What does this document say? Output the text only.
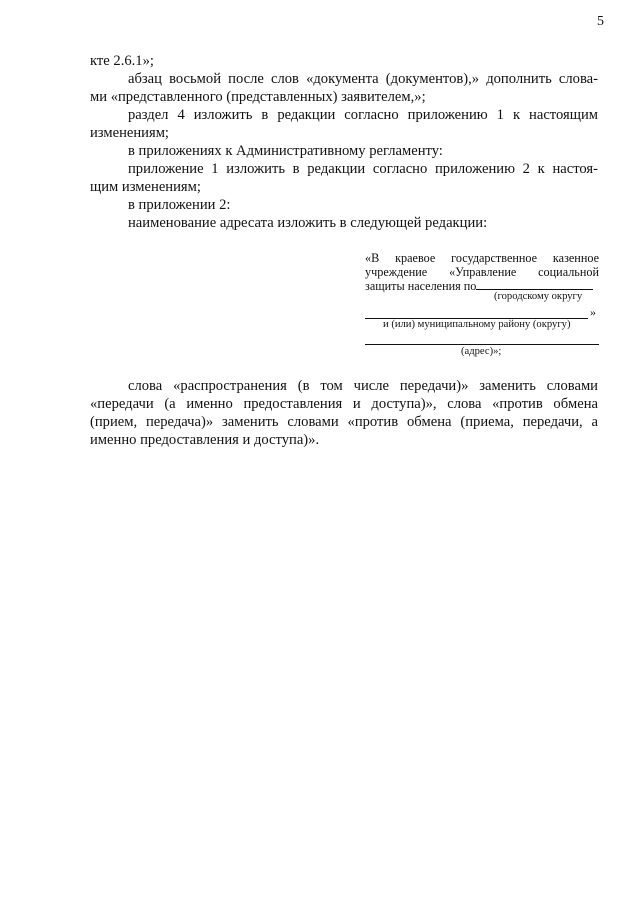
5

кте 2.6.1»;

абзац восьмой после слов «документа (документов),» дополнить слова-
ми «представленного (представленных) заявителем,»;

раздел 4 изложить в редакции согласно приложению 1 к настоящим
изменениям;

в приложениях к Административному регламенту:

приложение 1 изложить в редакции согласно приложению 2 к настоя-
щим изменениям;

в приложении 2:

наименование адресата изложить в следующей редакции:

«В краевое государственное казенное
учреждение «Управление социальной
защиты населения по
(городскому округу
»
и (или) муниципальному району (округу)
(адрес)»;

слова «распространения (в том числе передачи)» заменить словами
«передачи (а именно предоставления и доступа)», слова «против обмена
(прием, передача)» заменить словами «против обмена (приема, передачи, а
именно предоставления и доступа)».
